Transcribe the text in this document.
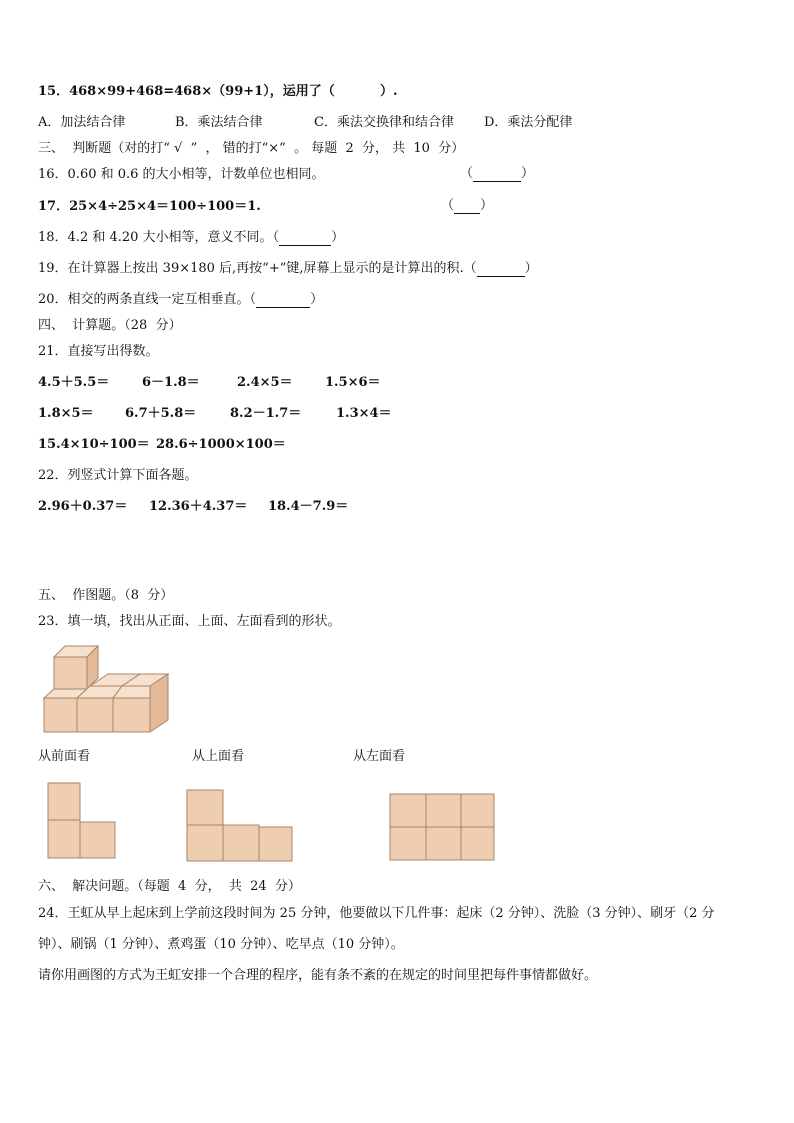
15．468×99+468=468×（99+1），运用了（          ）.
A．加法结合律	B．乘法结合律	C．乘法交换律和结合律 D．乘法分配律
三、  判断题（对的打“ √  ”  ， 错的打“×”  。 每题  2  分， 共  10  分）
16．0.60 和 0.6 的大小相等，计数单位也相同。	（	）
17．25×4÷25×4＝100÷100＝1.	（ ）
18．4.2 和 4.20 大小相等，意义不同。（	）
19．在计算器上按出 39×180 后,再按“+”键,屏幕上显示的是计算出的积.（	）
20．相交的两条直线一定互相垂直。（	）
四、  计算题。（28  分）
21．直接写出得数。
4.5＋5.5＝	6－1.8＝	2.4×5＝ 1.5×6＝
1.8×5＝ 6.7＋5.8＝	8.2－1.7＝	1.3×4＝
15.4×10÷100＝ 28.6÷1000×100＝
22．列竖式计算下面各题。
2.96＋0.37＝ 12.36＋4.37＝ 18.4－7.9＝
五、  作图题。（8  分）
23．填一填，找出从正面、上面、左面看到的形状。
从前面看	从上面看	从左面看
六、  解决问题。（每题  4  分，  共  24  分）
24．王虹从早上起床到上学前这段时间为 25 分钟，他要做以下几件事：起床（2 分钟）、洗脸（3 分钟）、刷牙（2 分
钟）、刷锅（1 分钟）、煮鸡蛋（10 分钟）、吃早点（10 分钟）。
请你用画图的方式为王虹安排一个合理的程序，能有条不紊的在规定的时间里把每件事情都做好。
